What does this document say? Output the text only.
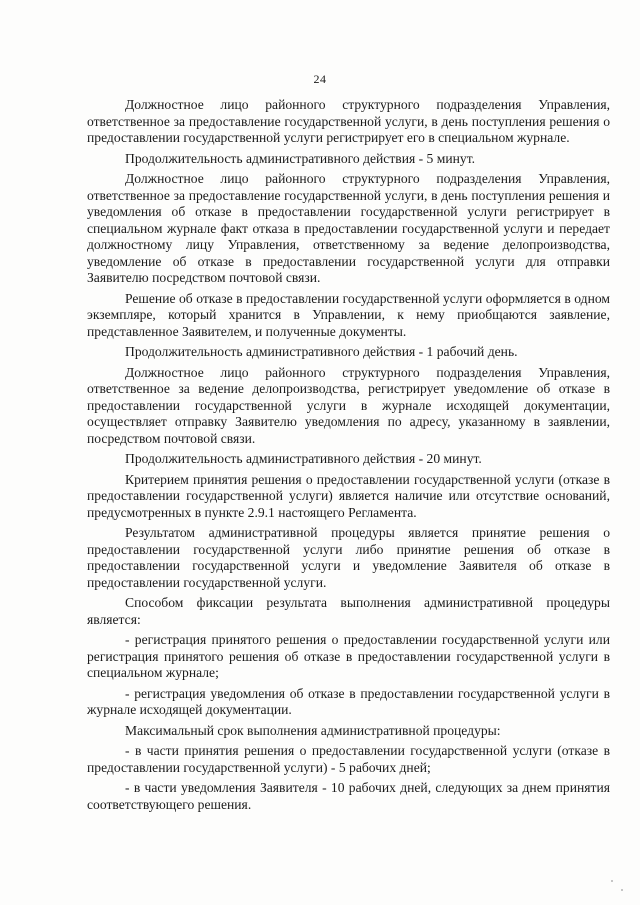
24

Должностное лицо районного структурного подразделения Управления, ответственное за предоставление государственной услуги, в день поступления решения о предоставлении государственной услуги регистрирует его в специальном журнале.

Продолжительность административного действия - 5 минут.

Должностное лицо районного структурного подразделения Управления, ответственное за предоставление государственной услуги, в день поступления решения и уведомления об отказе в предоставлении государственной услуги регистрирует в специальном журнале факт отказа в предоставлении государственной услуги и передает должностному лицу Управления, ответственному за ведение делопроизводства, уведомление об отказе в предоставлении государственной услуги для отправки Заявителю посредством почтовой связи.

Решение об отказе в предоставлении государственной услуги оформляется в одном экземпляре, который хранится в Управлении, к нему приобщаются заявление, представленное Заявителем, и полученные документы.

Продолжительность административного действия - 1 рабочий день.

Должностное лицо районного структурного подразделения Управления, ответственное за ведение делопроизводства, регистрирует уведомление об отказе в предоставлении государственной услуги в журнале исходящей документации, осуществляет отправку Заявителю уведомления по адресу, указанному в заявлении, посредством почтовой связи.

Продолжительность административного действия - 20 минут.

Критерием принятия решения о предоставлении государственной услуги (отказе в предоставлении государственной услуги) является наличие или отсутствие оснований, предусмотренных в пункте 2.9.1 настоящего Регламента.

Результатом административной процедуры является принятие решения о предоставлении государственной услуги либо принятие решения об отказе в предоставлении государственной услуги и уведомление Заявителя об отказе в предоставлении государственной услуги.

Способом фиксации результата выполнения административной процедуры является:

- регистрация принятого решения о предоставлении государственной услуги или регистрация принятого решения об отказе в предоставлении государственной услуги в специальном журнале;

- регистрация уведомления об отказе в предоставлении государственной услуги в журнале исходящей документации.

Максимальный срок выполнения административной процедуры:

- в части принятия решения о предоставлении государственной услуги (отказе в предоставлении государственной услуги) - 5 рабочих дней;

- в части уведомления Заявителя - 10 рабочих дней, следующих за днем принятия соответствующего решения.
